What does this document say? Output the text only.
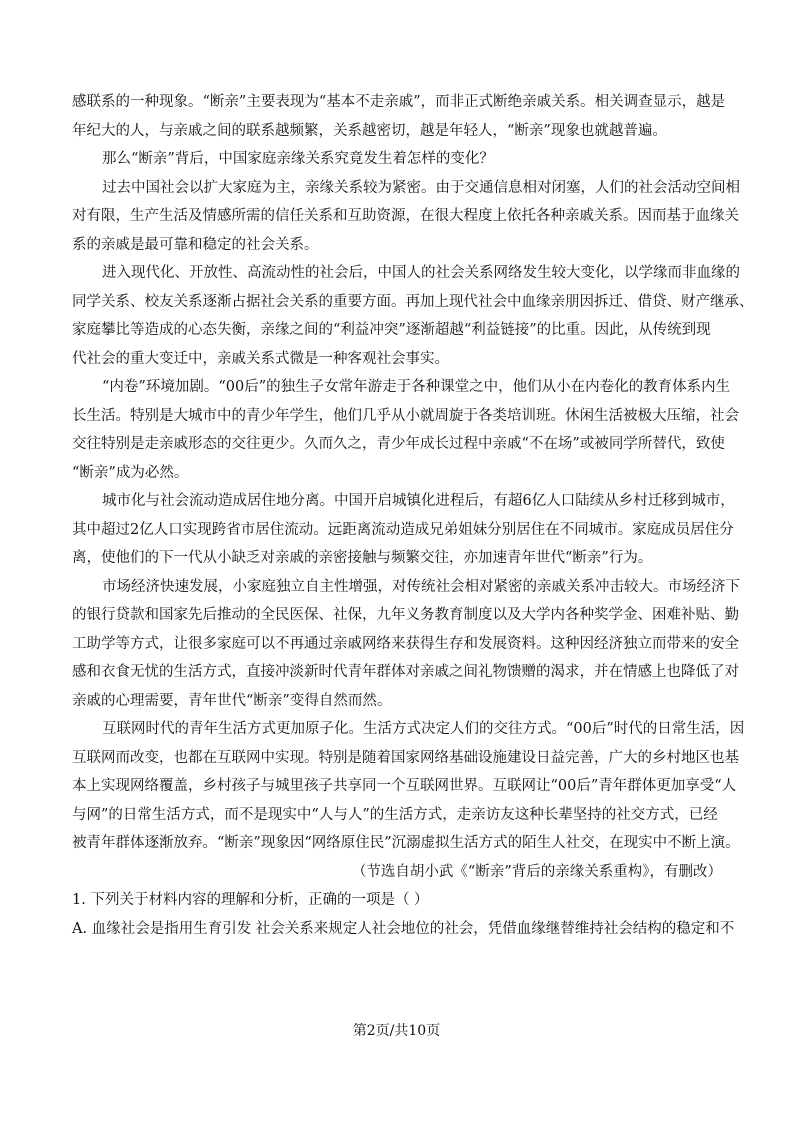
感联系的一种现象。“断亲”主要表现为“基本不走亲戚”，而非正式断绝亲戚关系。相关调查显示，越是
年纪大的人，与亲戚之间的联系越频繁，关系越密切，越是年轻人，“断亲”现象也就越普遍。
那么“断亲”背后，中国家庭亲缘关系究竟发生着怎样的变化？
过去中国社会以扩大家庭为主，亲缘关系较为紧密。由于交通信息相对闭塞，人们的社会活动空间相
对有限，生产生活及情感所需的信任关系和互助资源，在很大程度上依托各种亲戚关系。因而基于血缘关
系的亲戚是最可靠和稳定的社会关系。
进入现代化、开放性、高流动性的社会后，中国人的社会关系网络发生较大变化，以学缘而非血缘的
同学关系、校友关系逐渐占据社会关系的重要方面。再加上现代社会中血缘亲朋因拆迁、借贷、财产继承、
家庭攀比等造成的心态失衡，亲缘之间的“利益冲突”逐渐超越“利益链接”的比重。因此，从传统到现
代社会的重大变迁中，亲戚关系式微是一种客观社会事实。
“内卷”环境加剧。“00后”的独生子女常年游走于各种课堂之中，他们从小在内卷化的教育体系内生
长生活。特别是大城市中的青少年学生，他们几乎从小就周旋于各类培训班。休闲生活被极大压缩，社会
交往特别是走亲戚形态的交往更少。久而久之，青少年成长过程中亲戚“不在场”或被同学所替代，致使
“断亲”成为必然。
城市化与社会流动造成居住地分离。中国开启城镇化进程后，有超6亿人口陆续从乡村迁移到城市，
其中超过2亿人口实现跨省市居住流动。远距离流动造成兄弟姐妹分别居住在不同城市。家庭成员居住分
离，使他们的下一代从小缺乏对亲戚的亲密接触与频繁交往，亦加速青年世代“断亲”行为。
市场经济快速发展，小家庭独立自主性增强，对传统社会相对紧密的亲戚关系冲击较大。市场经济下
的银行贷款和国家先后推动的全民医保、社保，九年义务教育制度以及大学内各种奖学金、困难补贴、勤
工助学等方式，让很多家庭可以不再通过亲戚网络来获得生存和发展资料。这种因经济独立而带来的安全
感和衣食无忧的生活方式，直接冲淡新时代青年群体对亲戚之间礼物馈赠的渴求，并在情感上也降低了对
亲戚的心理需要，青年世代“断亲”变得自然而然。
互联网时代的青年生活方式更加原子化。生活方式决定人们的交往方式。“00后”时代的日常生活，因
互联网而改变，也都在互联网中实现。特别是随着国家网络基础设施建设日益完善，广大的乡村地区也基
本上实现网络覆盖，乡村孩子与城里孩子共享同一个互联网世界。互联网让“00后”青年群体更加享受“人
与网”的日常生活方式，而不是现实中“人与人”的生活方式，走亲访友这种长辈坚持的社交方式，已经
被青年群体逐渐放弃。“断亲”现象因“网络原住民”沉溺虚拟生活方式的陌生人社交，在现实中不断上演。
（节选自胡小武《“断亲”背后的亲缘关系重构》，有删改）
1. 下列关于材料内容的理解和分析，正确的一项是（ ）
A. 血缘社会是指用生育引发 社会关系来规定人社会地位的社会，凭借血缘继替维持社会结构的稳定和不
第2页/共10页
